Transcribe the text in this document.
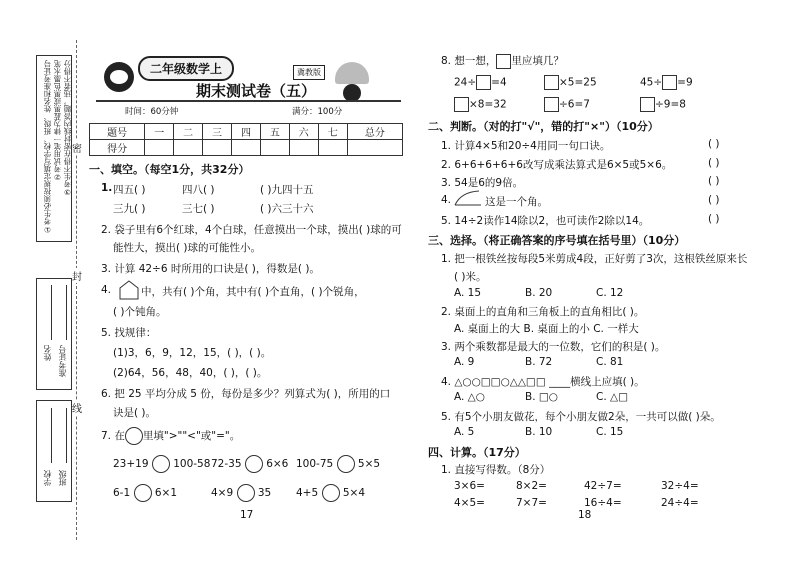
①考生必须按规定填写学校、班级、姓名和准考证号 ②考试用笔一律为蓝黑或黑色墨水笔 ③考生不得在密封线内答题，违者不得分 密
封
线
姓名 准考证号
学校 班级
二年级数学上	冀教版
期末测试卷（五）
时间：60分钟	满分：100分
题号	一	二	三	四	五	六	七	总分
得分								
一、填空。（每空1分，共32分）
1. 四五( )	四八( )	( )九四十五
三九( )	三七( )	( )六三十六
2. 袋子里有6个红球，4个白球，任意摸出一个球，摸出( )球的可
能性大，摸出( )球的可能性小。
3. 计算 42÷6 时所用的口诀是( )，得数是( )。
4.	中，共有( )个角，其中有( )个直角，( )个锐角，
( )个钝角。
5. 找规律：
(1)3，6，9，12，15，( )，( )。
(2)64，56，48，40，( )，( )。
6. 把 25 平均分成 5 份，每份是多少？列算式为( )，所用的口
诀是( )。
7. 在 里填">""<"或"="。
23+19 100-58 72-35 6×6 100-75 5×5
6-1 6×1	4×9 35 4+5 5×4
17
8. 想一想， 里应填几？
24÷ =4	×5=25	45÷ =9
×8=32	÷6=7	÷9=8
二、判断。（对的打"√"，错的打"×"）（10分）
1. 计算4×5和20÷4用同一句口诀。	( )
2. 6+6+6+6+6改写成乘法算式是6×5或5×6。	( )
3. 54是6的9倍。	( )
4.	这是一个角。	( )
5. 14÷2读作14除以2，也可读作2除以14。	( )
三、选择。（将正确答案的序号填在括号里）（10分）
1. 把一根铁丝按每段5米剪成4段，正好剪了3次，这根铁丝原来长
( )米。
A. 15	B. 20	C. 12
2. 桌面上的直角和三角板上的直角相比( )。
A. 桌面上的大 B. 桌面上的小 C. 一样大
3. 两个乘数都是最大的一位数，它们的积是( )。
A. 9	B. 72	C. 81
4. △○○□□○△△□□ ____横线上应填( )。
A. △○	B. □○	C. △□
5. 有5个小朋友做花，每个小朋友做2朵，一共可以做( )朵。
A. 5	B. 10	C. 15
四、计算。（17分）
1. 直接写得数。（8分）
3×6=	8×2=	42÷7=	32÷4=
4×5=	7×7=	16÷4=	24÷4=
18
